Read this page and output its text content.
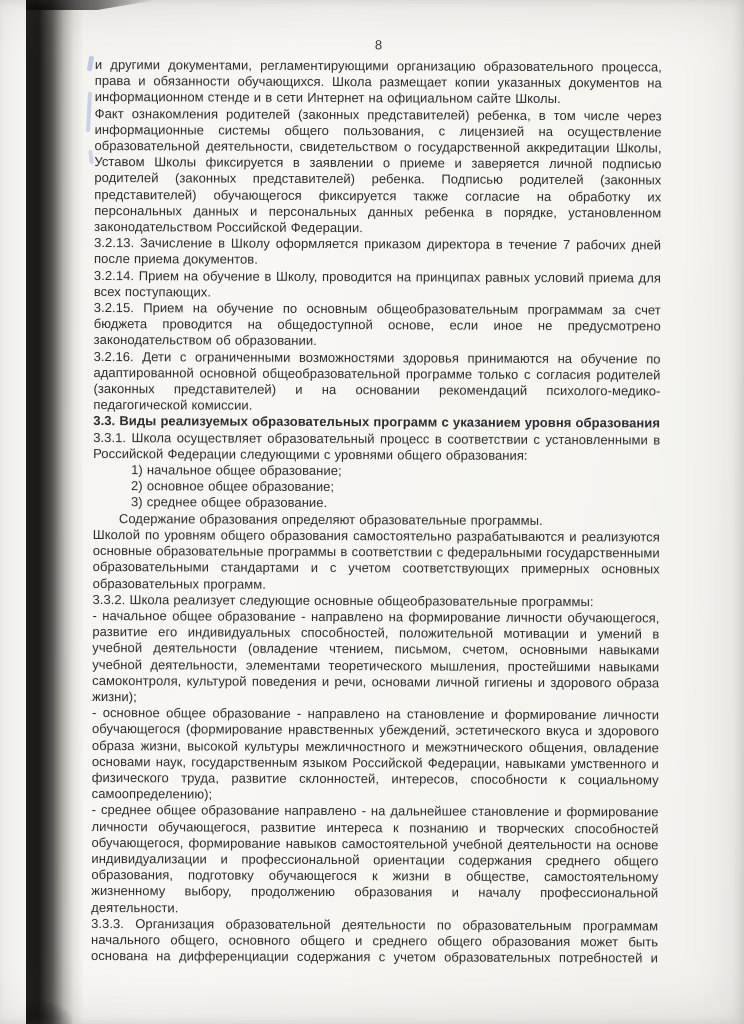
8

и другими документами, регламентирующими организацию образовательного процесса, права и обязанности обучающихся. Школа размещает копии указанных документов на информационном стенде и в сети Интернет на официальном сайте Школы.

Факт ознакомления родителей (законных представителей) ребенка, в том числе через информационные системы общего пользования, с лицензией на осуществление образовательной деятельности, свидетельством о государственной аккредитации Школы, Уставом Школы фиксируется в заявлении о приеме и заверяется личной подписью родителей (законных представителей) ребенка. Подписью родителей (законных представителей) обучающегося фиксируется также согласие на обработку их персональных данных и персональных данных ребенка в порядке, установленном законодательством Российской Федерации.

3.2.13. Зачисление в Школу оформляется приказом директора в течение 7 рабочих дней после приема документов.

3.2.14. Прием на обучение в Школу, проводится на принципах равных условий приема для всех поступающих.

3.2.15. Прием на обучение по основным общеобразовательным программам за счет бюджета проводится на общедоступной основе, если иное не предусмотрено законодательством об образовании.

3.2.16. Дети с ограниченными возможностями здоровья принимаются на обучение по адаптированной основной общеобразовательной программе только с согласия родителей (законных представителей) и на основании рекомендаций психолого-медико-педагогической комиссии.

3.3. Виды реализуемых образовательных программ с указанием уровня образования

3.3.1. Школа осуществляет образовательный процесс в соответствии с установленными в Российской Федерации следующими с уровнями общего образования:

1) начальное общее образование;

2) основное общее образование;

3) среднее общее образование.

Содержание образования определяют образовательные программы.

Школой по уровням общего образования самостоятельно разрабатываются и реализуются основные образовательные программы в соответствии с федеральными государственными образовательными стандартами и с учетом соответствующих примерных основных образовательных программ.

3.3.2. Школа реализует следующие основные общеобразовательные программы:

- начальное общее образование - направлено на формирование личности обучающегося, развитие его индивидуальных способностей, положительной мотивации и умений в учебной деятельности (овладение чтением, письмом, счетом, основными навыками учебной деятельности, элементами теоретического мышления, простейшими навыками самоконтроля, культурой поведения и речи, основами личной гигиены и здорового образа жизни);

- основное общее образование - направлено на становление и формирование личности обучающегося (формирование нравственных убеждений, эстетического вкуса и здорового образа жизни, высокой культуры межличностного и межэтнического общения, овладение основами наук, государственным языком Российской Федерации, навыками умственного и физического труда, развитие склонностей, интересов, способности к социальному самоопределению);

- среднее общее образование направлено - на дальнейшее становление и формирование личности обучающегося, развитие интереса к познанию и творческих способностей обучающегося, формирование навыков самостоятельной учебной деятельности на основе индивидуализации и профессиональной ориентации содержания среднего общего образования, подготовку обучающегося к жизни в обществе, самостоятельному жизненному выбору, продолжению образования и началу профессиональной деятельности.

3.3.3. Организация образовательной деятельности по образовательным программам начального общего, основного общего и среднего общего образования может быть основана на дифференциации содержания с учетом образовательных потребностей и
